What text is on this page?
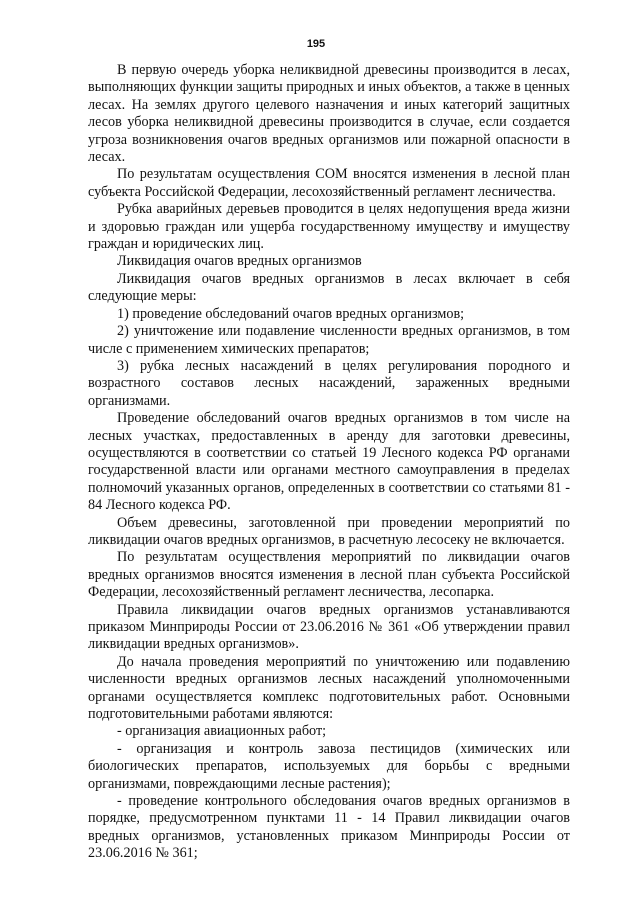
195

В первую очередь уборка неликвидной древесины производится в лесах, выполняющих функции защиты природных и иных объектов, а также в ценных лесах. На землях другого целевого назначения и иных категорий защитных лесов уборка неликвидной древесины производится в случае, если создается угроза возникновения очагов вредных организмов или пожарной опасности в лесах.

По результатам осуществления СОМ вносятся изменения в лесной план субъекта Российской Федерации, лесохозяйственный регламент лесничества.

Рубка аварийных деревьев проводится в целях недопущения вреда жизни и здоровью граждан или ущерба государственному имуществу и имуществу граждан и юридических лиц.

Ликвидация очагов вредных организмов

Ликвидация очагов вредных организмов в лесах включает в себя следующие меры:

1) проведение обследований очагов вредных организмов;

2) уничтожение или подавление численности вредных организмов, в том числе с применением химических препаратов;

3) рубка лесных насаждений в целях регулирования породного и возрастного составов лесных насаждений, зараженных вредными организмами.

Проведение обследований очагов вредных организмов в том числе на лесных участках, предоставленных в аренду для заготовки древесины, осуществляются в соответствии со статьей 19 Лесного кодекса РФ органами государственной власти или органами местного самоуправления в пределах полномочий указанных органов, определенных в соответствии со статьями 81 - 84 Лесного кодекса РФ.

Объем древесины, заготовленной при проведении мероприятий по ликвидации очагов вредных организмов, в расчетную лесосеку не включается.

По результатам осуществления мероприятий по ликвидации очагов вредных организмов вносятся изменения в лесной план субъекта Российской Федерации, лесохозяйственный регламент лесничества, лесопарка.

Правила ликвидации очагов вредных организмов устанавливаются приказом Минприроды России от 23.06.2016 № 361 «Об утверждении правил ликвидации вредных организмов».

До начала проведения мероприятий по уничтожению или подавлению численности вредных организмов лесных насаждений уполномоченными органами осуществляется комплекс подготовительных работ. Основными подготовительными работами являются:

- организация авиационных работ;

- организация и контроль завоза пестицидов (химических или биологических препаратов, используемых для борьбы с вредными организмами, повреждающими лесные растения);

- проведение контрольного обследования очагов вредных организмов в порядке, предусмотренном пунктами 11 - 14 Правил ликвидации очагов вредных организмов, установленных приказом Минприроды России от 23.06.2016 № 361;
